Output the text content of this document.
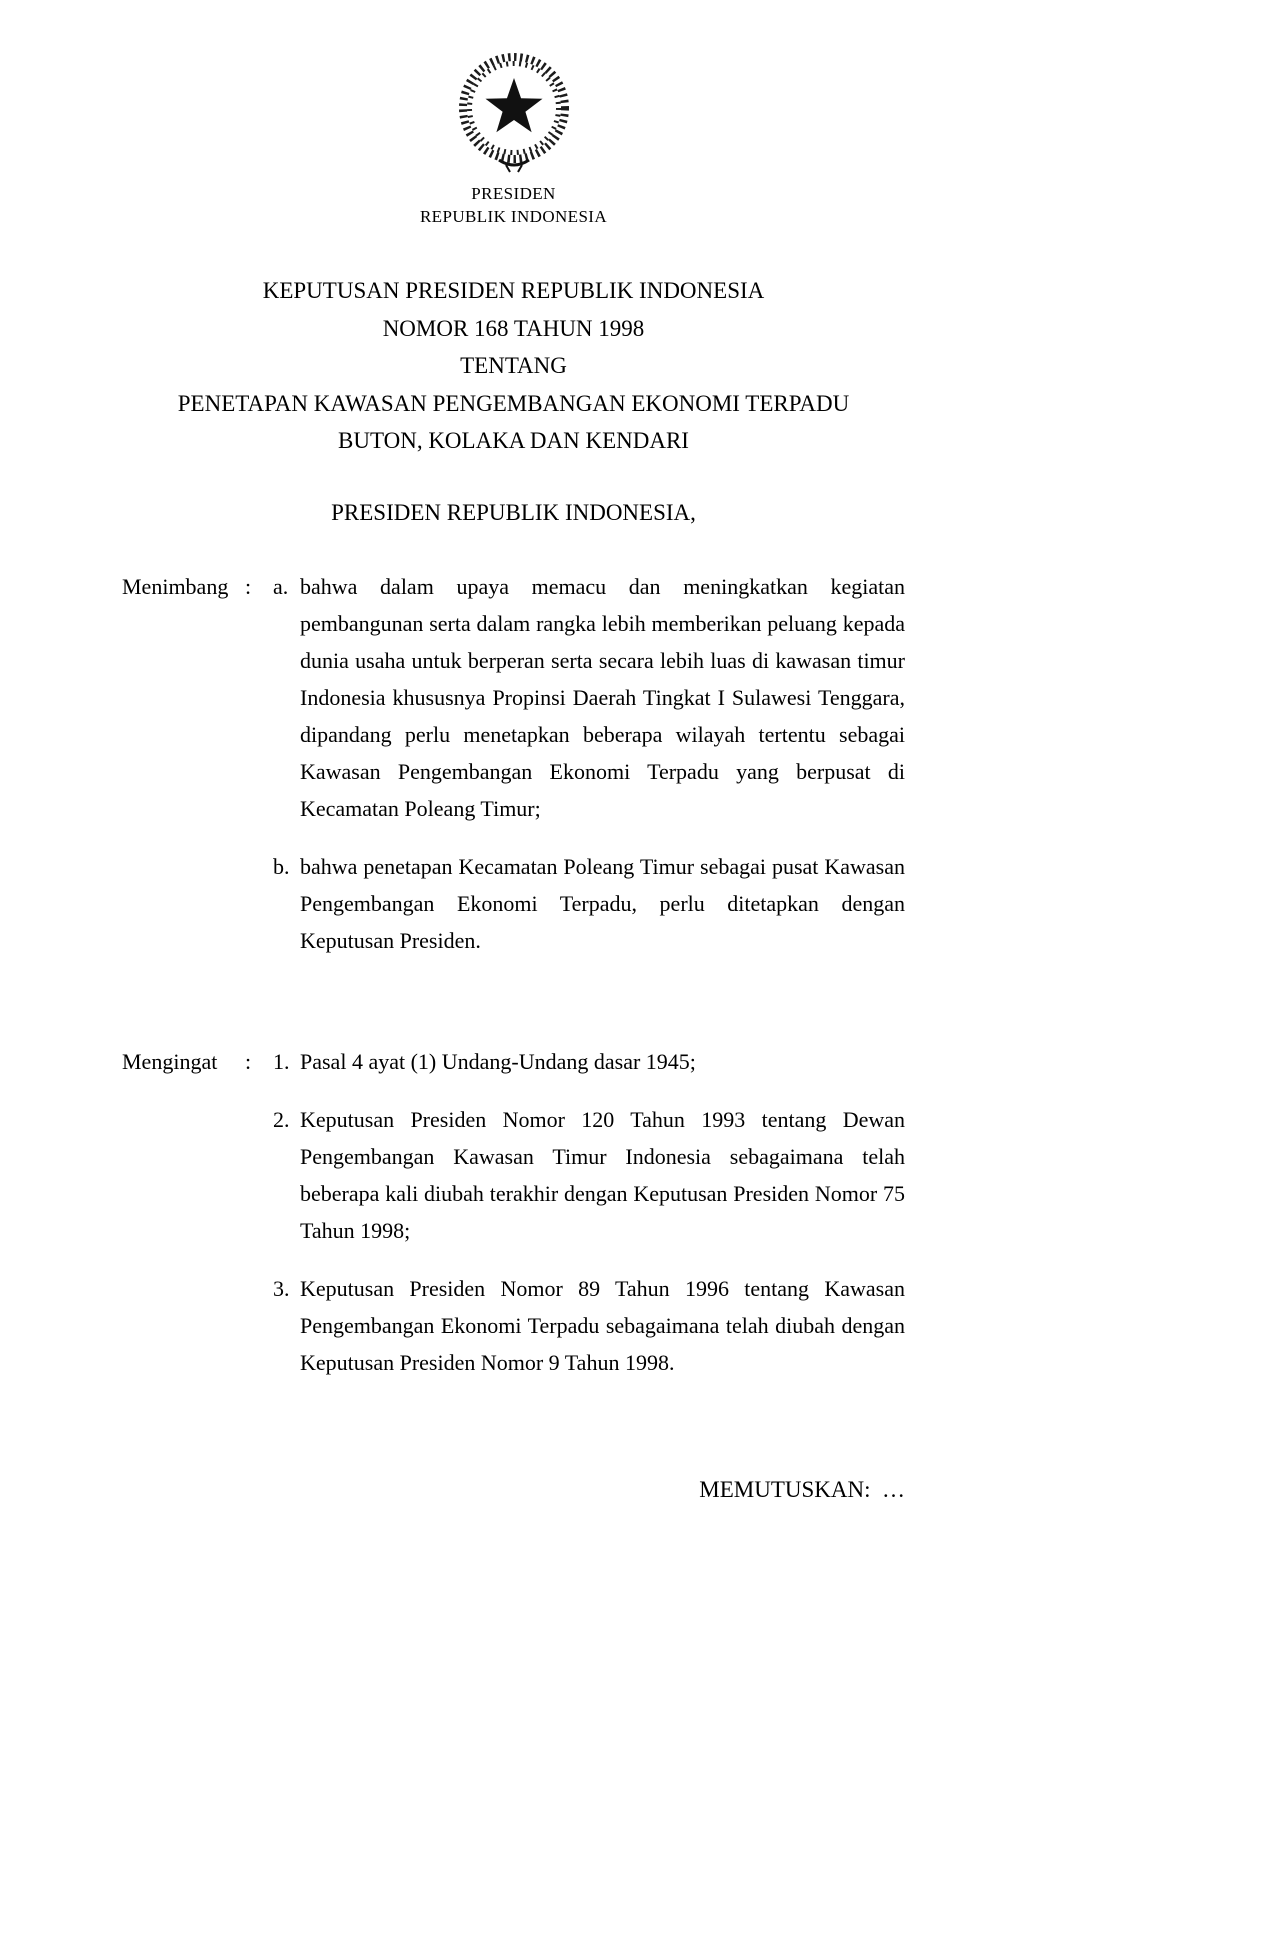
PRESIDEN
REPUBLIK INDONESIA
KEPUTUSAN PRESIDEN REPUBLIK INDONESIA
NOMOR 168 TAHUN 1998
TENTANG
PENETAPAN KAWASAN PENGEMBANGAN EKONOMI TERPADU
BUTON, KOLAKA DAN KENDARI
PRESIDEN REPUBLIK INDONESIA,
Menimbang : a. bahwa dalam upaya memacu dan meningkatkan kegiatan pembangunan serta dalam rangka lebih memberikan peluang kepada dunia usaha untuk berperan serta secara lebih luas di kawasan timur Indonesia khususnya Propinsi Daerah Tingkat I Sulawesi Tenggara, dipandang perlu menetapkan beberapa wilayah tertentu sebagai Kawasan Pengembangan Ekonomi Terpadu yang berpusat di Kecamatan Poleang Timur;
b. bahwa penetapan Kecamatan Poleang Timur sebagai pusat Kawasan Pengembangan Ekonomi Terpadu, perlu ditetapkan dengan Keputusan Presiden.
Mengingat	: 1. Pasal 4 ayat (1) Undang-Undang dasar 1945;
2. Keputusan Presiden Nomor 120 Tahun 1993 tentang Dewan Pengembangan Kawasan Timur Indonesia sebagaimana telah beberapa kali diubah terakhir dengan Keputusan Presiden Nomor 75 Tahun 1998;
3. Keputusan Presiden Nomor 89 Tahun 1996 tentang Kawasan Pengembangan Ekonomi Terpadu sebagaimana telah diubah dengan Keputusan Presiden Nomor 9 Tahun 1998.
MEMUTUSKAN:  …
